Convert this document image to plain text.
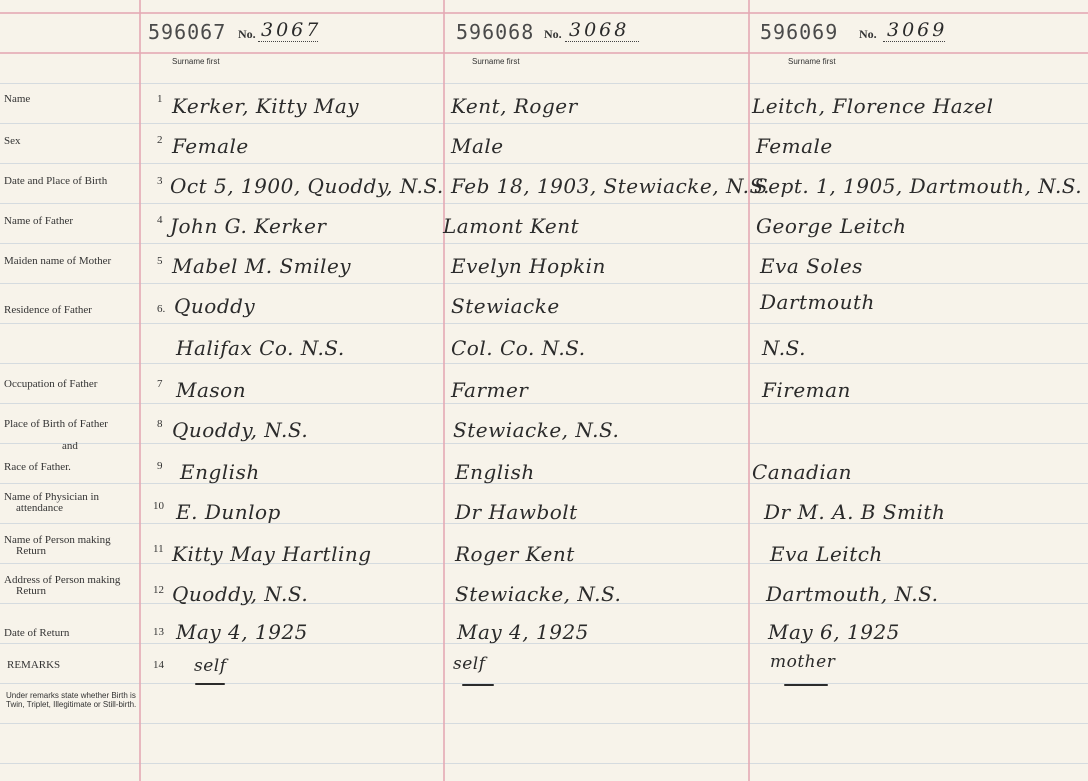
596067 No. 3067
Surname first
596068 No. 3068
Surname first
596069 No. 3069
Surname first
Name
Sex
Date and Place of Birth
Name of Father
Maiden name of Mother
Residence of Father
Occupation of Father
Place of Birth of Father
and
Race of Father.
Name of Physician in
attendance
Name of Person making
Return
Address of Person making
Return
Date of Return
REMARKS
Under remarks state whether Birth is Twin, Triplet, Illegitimate or Still-birth.
1
2
3
4
5
6.
7
8
9
10
11
12
13
14
Kerker, Kitty May
Female
Oct 5, 1900, Quoddy, N.S.
John G. Kerker
Mabel M. Smiley
Quoddy
Halifax Co. N.S.
Mason
Quoddy, N.S.
English
E. Dunlop
Kitty May Hartling
Quoddy, N.S.
May 4, 1925
self
Kent, Roger
Male
Feb 18, 1903, Stewiacke, N.S.
Lamont Kent
Evelyn Hopkin
Stewiacke
Col. Co. N.S.
Farmer
Stewiacke, N.S.
English
Dr Hawbolt
Roger Kent
Stewiacke, N.S.
May 4, 1925
self
Leitch, Florence Hazel
Female
Sept. 1, 1905, Dartmouth, N.S.
George Leitch
Eva Soles
Dartmouth
N.S.
Fireman
Canadian
Dr M. A. B Smith
Eva Leitch
Dartmouth, N.S.
May 6, 1925
mother
